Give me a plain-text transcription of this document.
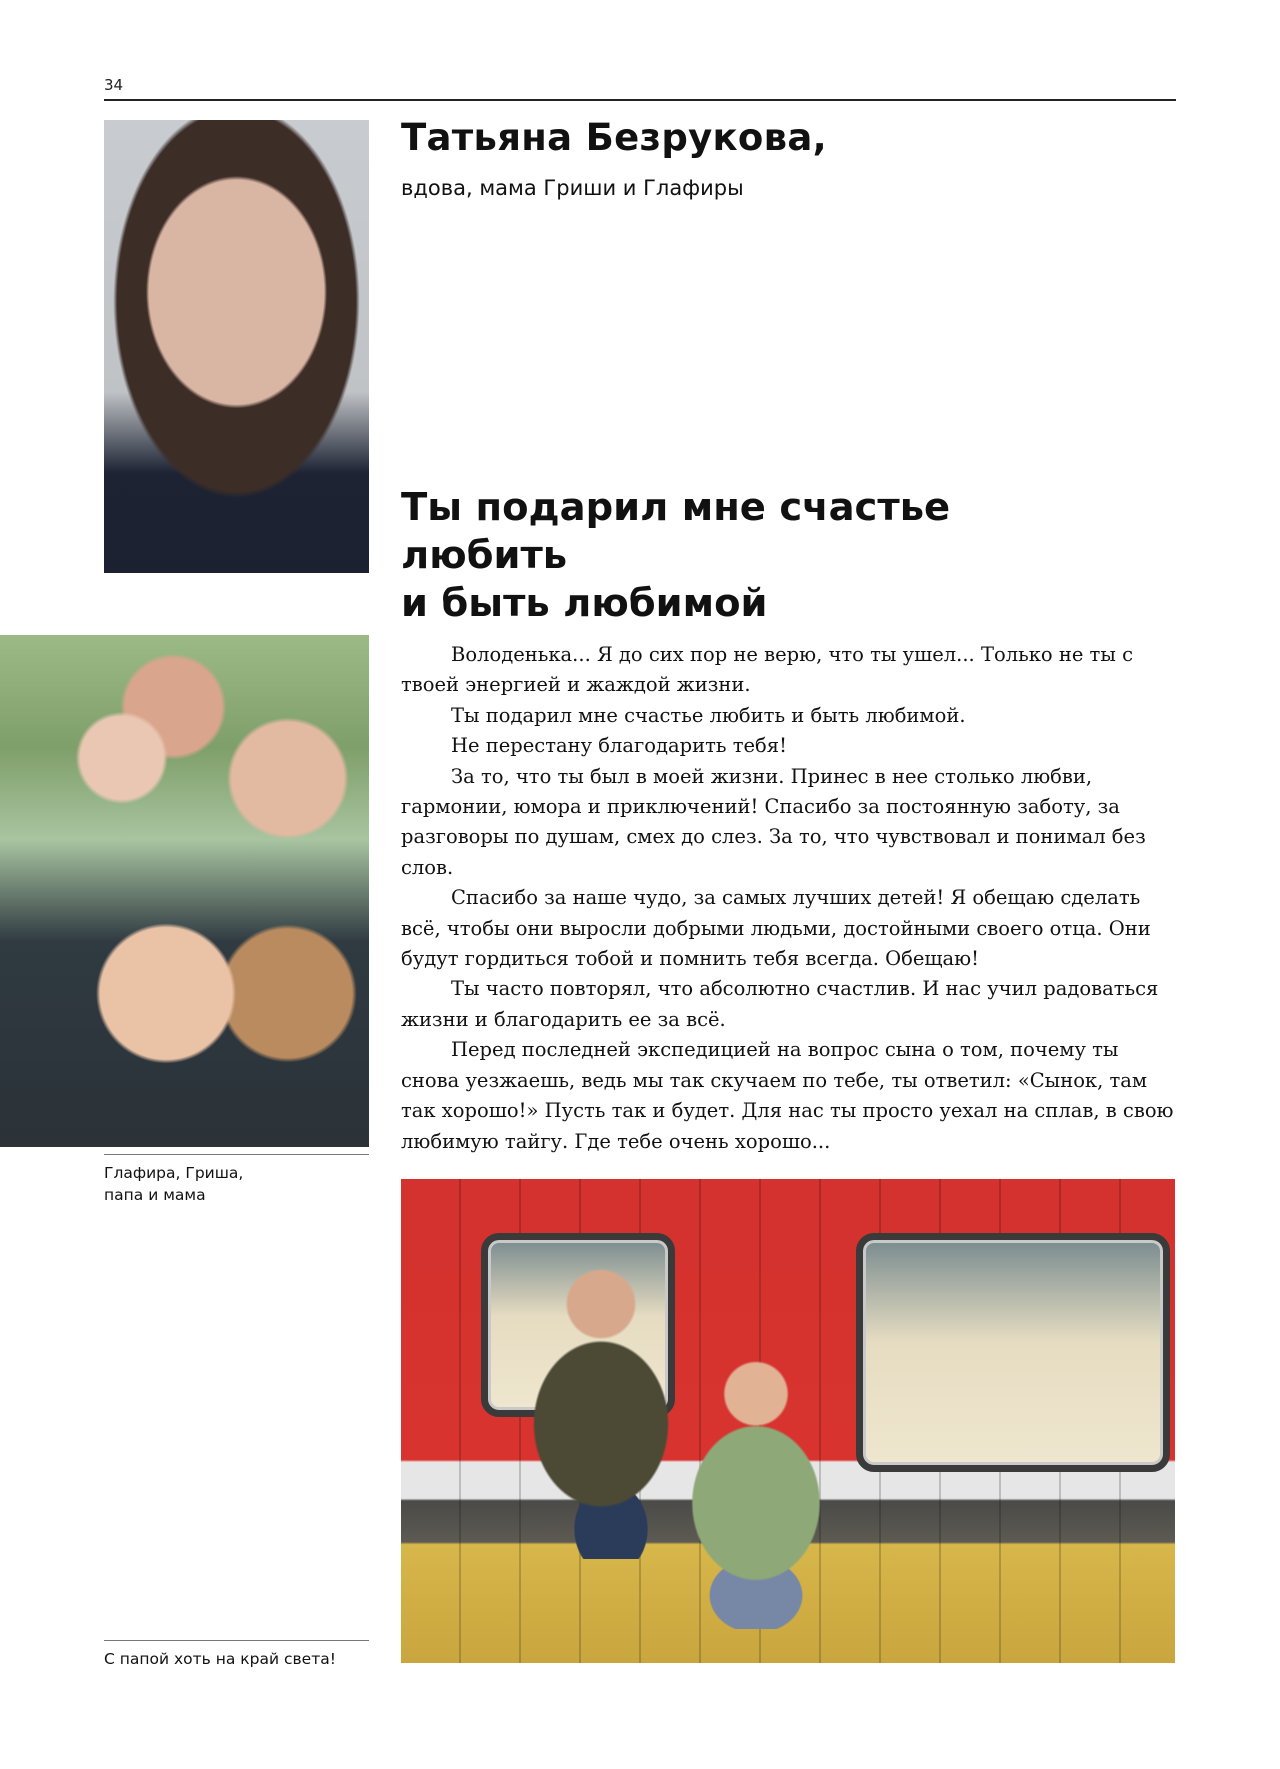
34
Татьяна Безрукова,

вдова, мама Гриши и Глафиры

Ты подарил мне счастье любить
и быть любимой
Глафира, Гриша,
папа и мама

Володенька... Я до сих пор не верю, что ты ушел... Только не ты с твоей энергией и жаждой жизни.

Ты подарил мне счастье любить и быть любимой.

Не перестану благодарить тебя!

За то, что ты был в моей жизни. Принес в нее столько любви, гармонии, юмора и приключений! Спасибо за постоянную заботу, за разговоры по душам, смех до слез. За то, что чувствовал и понимал без слов.

Спасибо за наше чудо, за самых лучших детей! Я обещаю сделать всё, чтобы они выросли добрыми людьми, достойными своего отца. Они будут гордиться тобой и помнить тебя всегда. Обещаю!

Ты часто повторял, что абсолютно счастлив. И нас учил радоваться жизни и благодарить ее за всё.

Перед последней экспедицией на вопрос сына о том, почему ты снова уезжаешь, ведь мы так скучаем по тебе, ты ответил: «Сынок, там так хорошо!» Пусть так и будет. Для нас ты просто уехал на сплав, в свою любимую тайгу. Где тебе очень хорошо...

С папой хоть на край света!
